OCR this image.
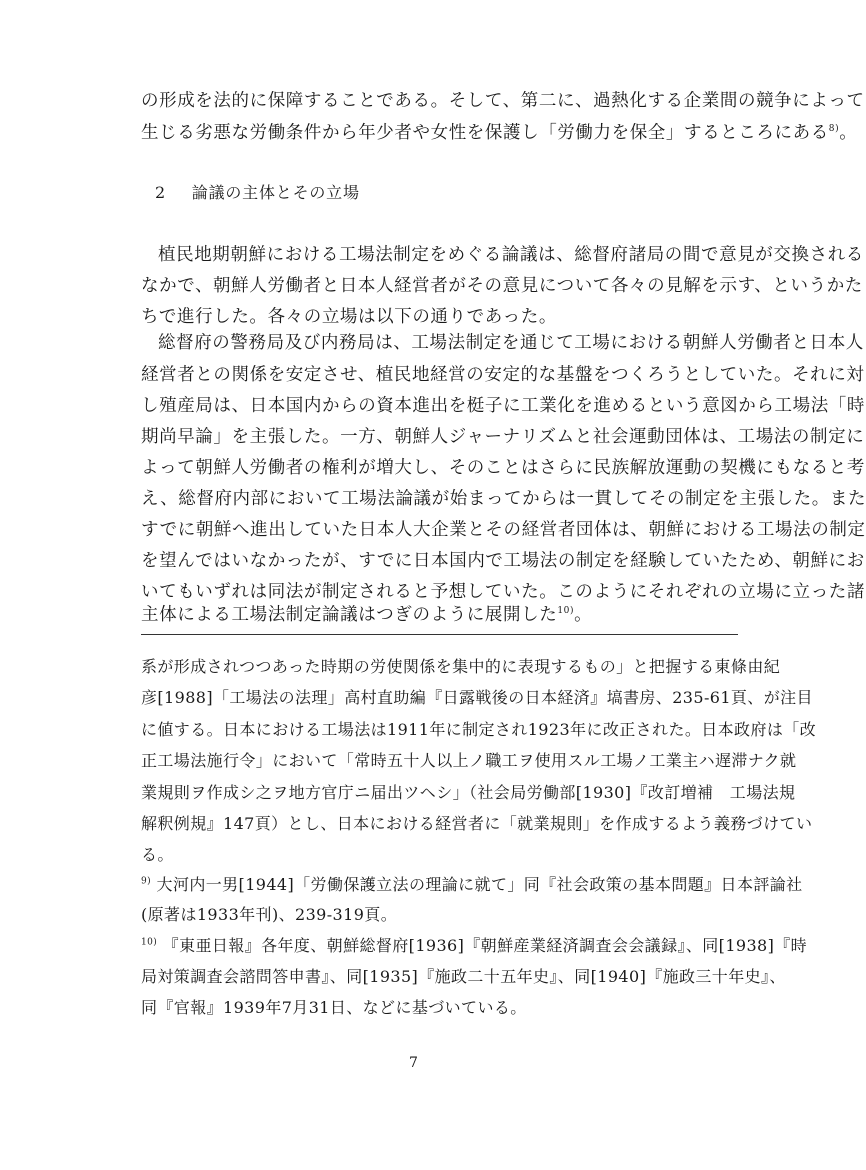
の形成を法的に保障することである。そして、第二に、過熱化する企業間の競争によって
生じる劣悪な労働条件から年少者や女性を保護し「労働力を保全」するところにある$^{8)}$。
2 論議の主体とその立場
植民地期朝鮮における工場法制定をめぐる論議は、総督府諸局の間で意見が交換される
なかで、朝鮮人労働者と日本人経営者がその意見について各々の見解を示す、というかた
ちで進行した。各々の立場は以下の通りであった。
総督府の警務局及び内務局は、工場法制定を通じて工場における朝鮮人労働者と日本人
経営者との関係を安定させ、植民地経営の安定的な基盤をつくろうとしていた。それに対
し殖産局は、日本国内からの資本進出を梃子に工業化を進めるという意図から工場法「時
期尚早論」を主張した。一方、朝鮮人ジャーナリズムと社会運動団体は、工場法の制定に
よって朝鮮人労働者の権利が増大し、そのことはさらに民族解放運動の契機にもなると考
え、総督府内部において工場法論議が始まってからは一貫してその制定を主張した。また
すでに朝鮮へ進出していた日本人大企業とその経営者団体は、朝鮮における工場法の制定
を望んではいなかったが、すでに日本国内で工場法の制定を経験していたため、朝鮮にお
いてもいずれは同法が制定されると予想していた。このようにそれぞれの立場に立った諸
主体による工場法制定論議はつぎのように展開した$^{10)}$。
系が形成されつつあった時期の労使関係を集中的に表現するもの」と把握する東條由紀
彦[1988]「工場法の法理」高村直助編『日露戦後の日本経済』塙書房、235-61頁、が注目
に値する。日本における工場法は1911年に制定され1923年に改正された。日本政府は「改
正工場法施行令」において「常時五十人以上ノ職工ヲ使用スル工場ノ工業主ハ遅滞ナク就
業規則ヲ作成シ之ヲ地方官庁ニ届出ツヘシ」（社会局労働部[1930]『改訂増補　工場法規
解釈例規』147頁）とし、日本における経営者に「就業規則」を作成するよう義務づけてい
る。
$^{9)}$ 大河内一男[1944]「労働保護立法の理論に就て」同『社会政策の基本問題』日本評論社
(原著は1933年刊)、239-319頁。
$^{10)}$ 『東亜日報』各年度、朝鮮総督府[1936]『朝鮮産業経済調査会会議録』、同[1938]『時
局対策調査会諮問答申書』、同[1935]『施政二十五年史』、同[1940]『施政三十年史』、
同『官報』1939年7月31日、などに基づいている。
7
